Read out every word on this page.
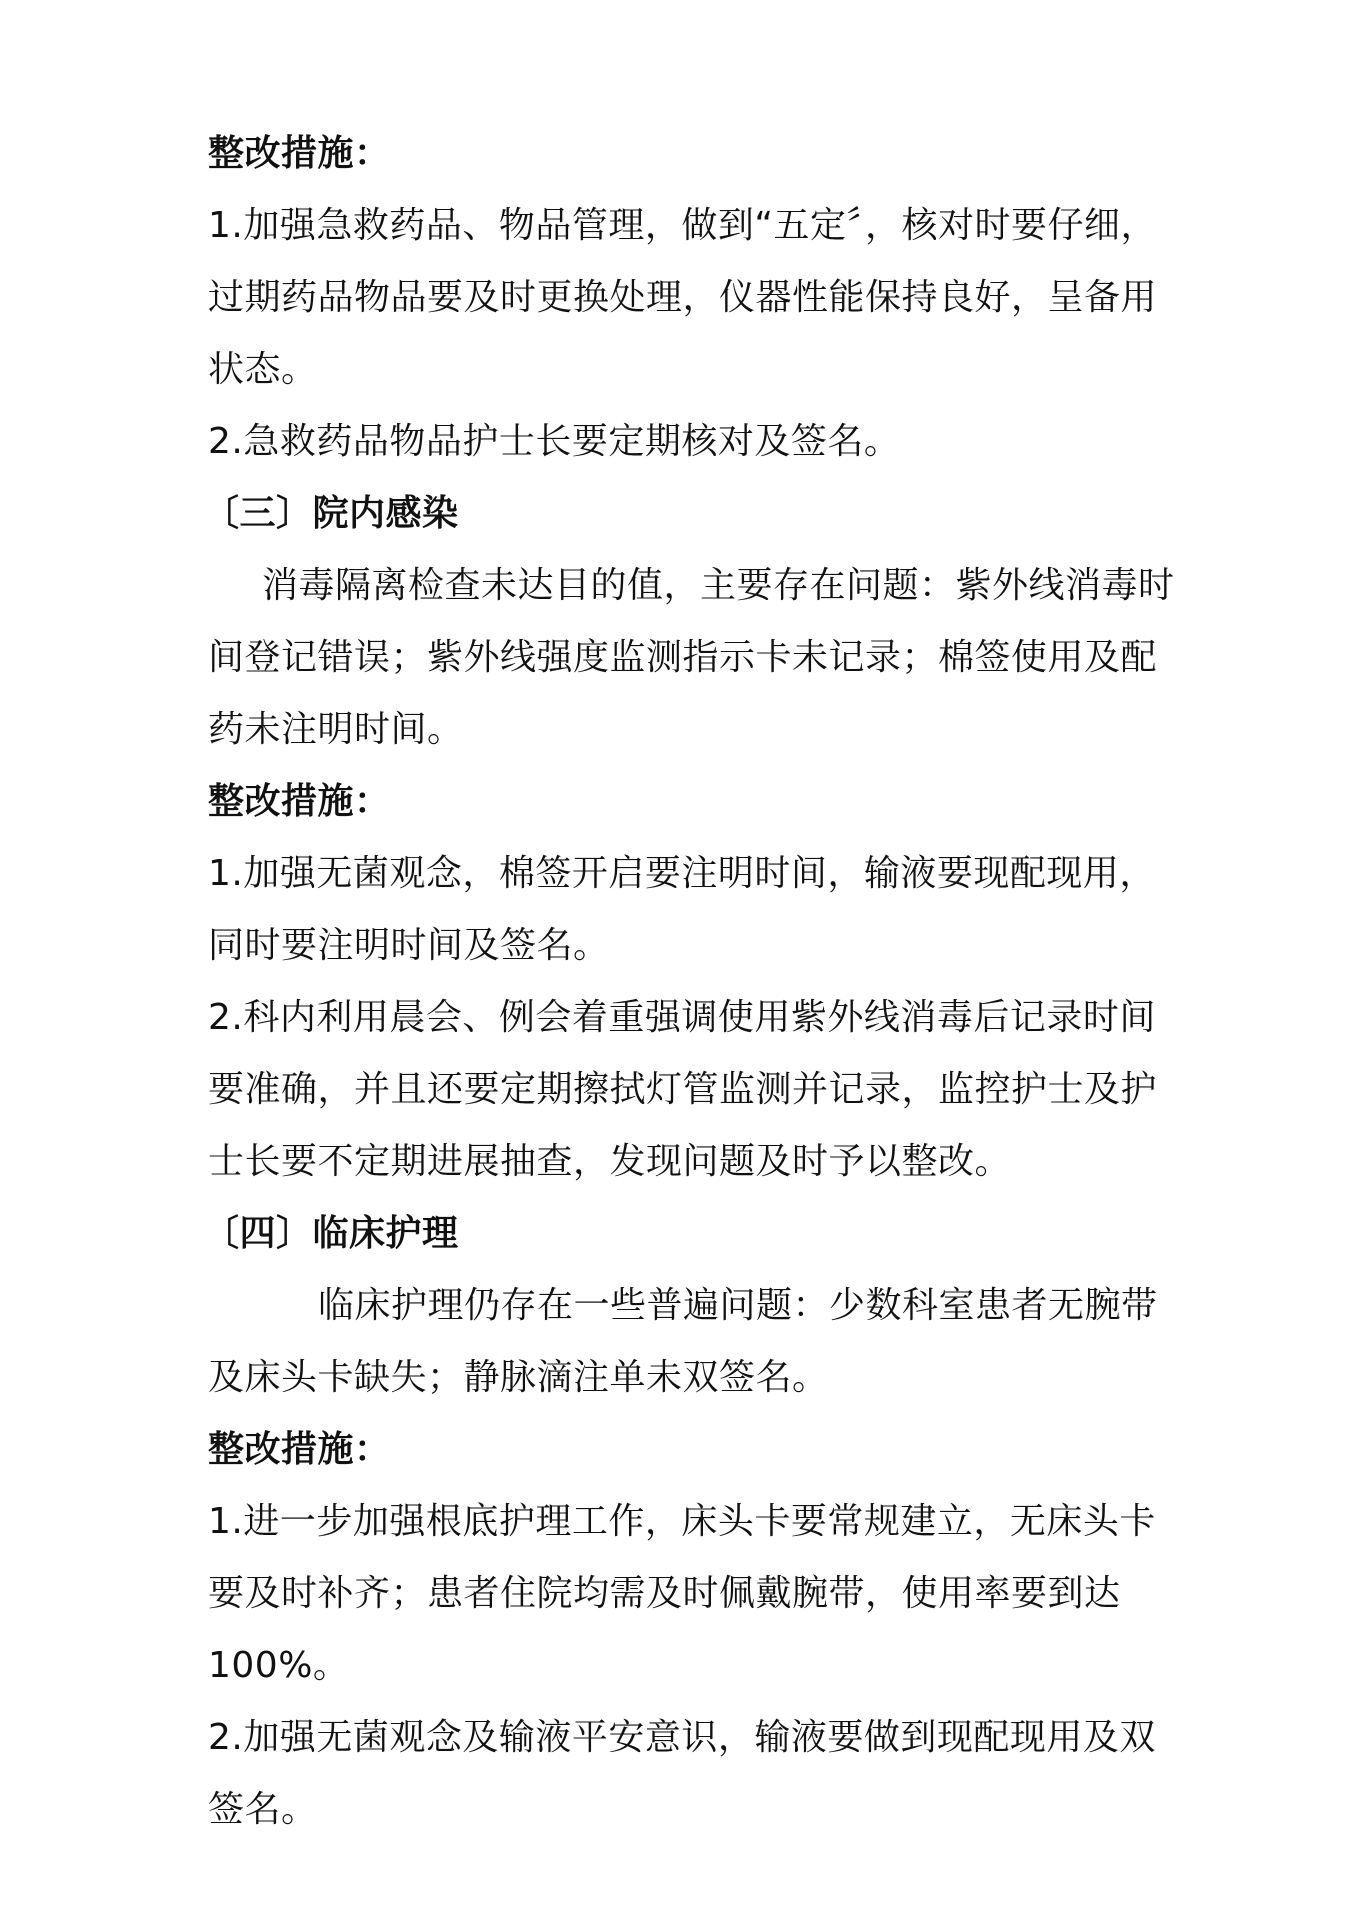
整改措施：

1.加强急救药品、物品管理，做到“五定〞，核对时要仔细，

过期药品物品要及时更换处理，仪器性能保持良好，呈备用

状态。

2.急救药品物品护士长要定期核对及签名。

〔三〕院内感染

消毒隔离检查未达目的值，主要存在问题：紫外线消毒时

间登记错误；紫外线强度监测指示卡未记录；棉签使用及配

药未注明时间。

整改措施：

1.加强无菌观念，棉签开启要注明时间，输液要现配现用，

同时要注明时间及签名。

2.科内利用晨会、例会着重强调使用紫外线消毒后记录时间

要准确，并且还要定期擦拭灯管监测并记录，监控护士及护

士长要不定期进展抽查，发现问题及时予以整改。

〔四〕临床护理

临床护理仍存在一些普遍问题：少数科室患者无腕带

及床头卡缺失；静脉滴注单未双签名。

整改措施：

1.进一步加强根底护理工作，床头卡要常规建立，无床头卡

要及时补齐；患者住院均需及时佩戴腕带，使用率要到达

100%。

2.加强无菌观念及输液平安意识，输液要做到现配现用及双

签名。
